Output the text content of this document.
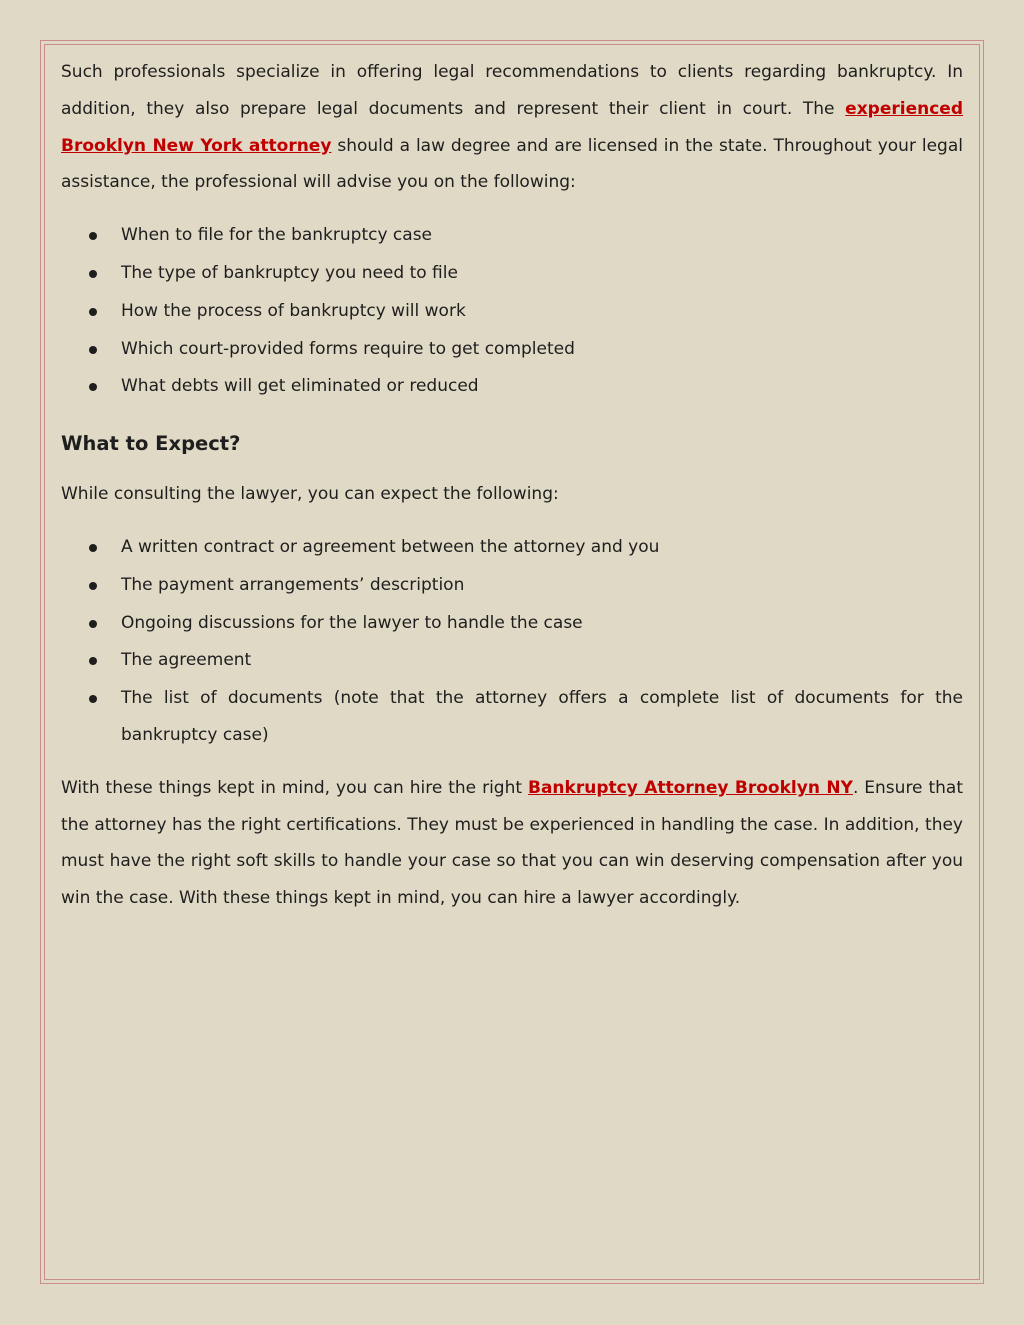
Such professionals specialize in offering legal recommendations to clients regarding bankruptcy. In addition, they also prepare legal documents and represent their client in court. The experienced Brooklyn New York attorney should a law degree and are licensed in the state. Throughout your legal assistance, the professional will advise you on the following:

When to file for the bankruptcy case
The type of bankruptcy you need to file
How the process of bankruptcy will work
Which court-provided forms require to get completed
What debts will get eliminated or reduced
What to Expect?

While consulting the lawyer, you can expect the following:

A written contract or agreement between the attorney and you
The payment arrangements’ description
Ongoing discussions for the lawyer to handle the case
The agreement
The list of documents (note that the attorney offers a complete list of documents for the bankruptcy case)

With these things kept in mind, you can hire the right Bankruptcy Attorney Brooklyn NY. Ensure that the attorney has the right certifications. They must be experienced in handling the case. In addition, they must have the right soft skills to handle your case so that you can win deserving compensation after you win the case. With these things kept in mind, you can hire a lawyer accordingly.
